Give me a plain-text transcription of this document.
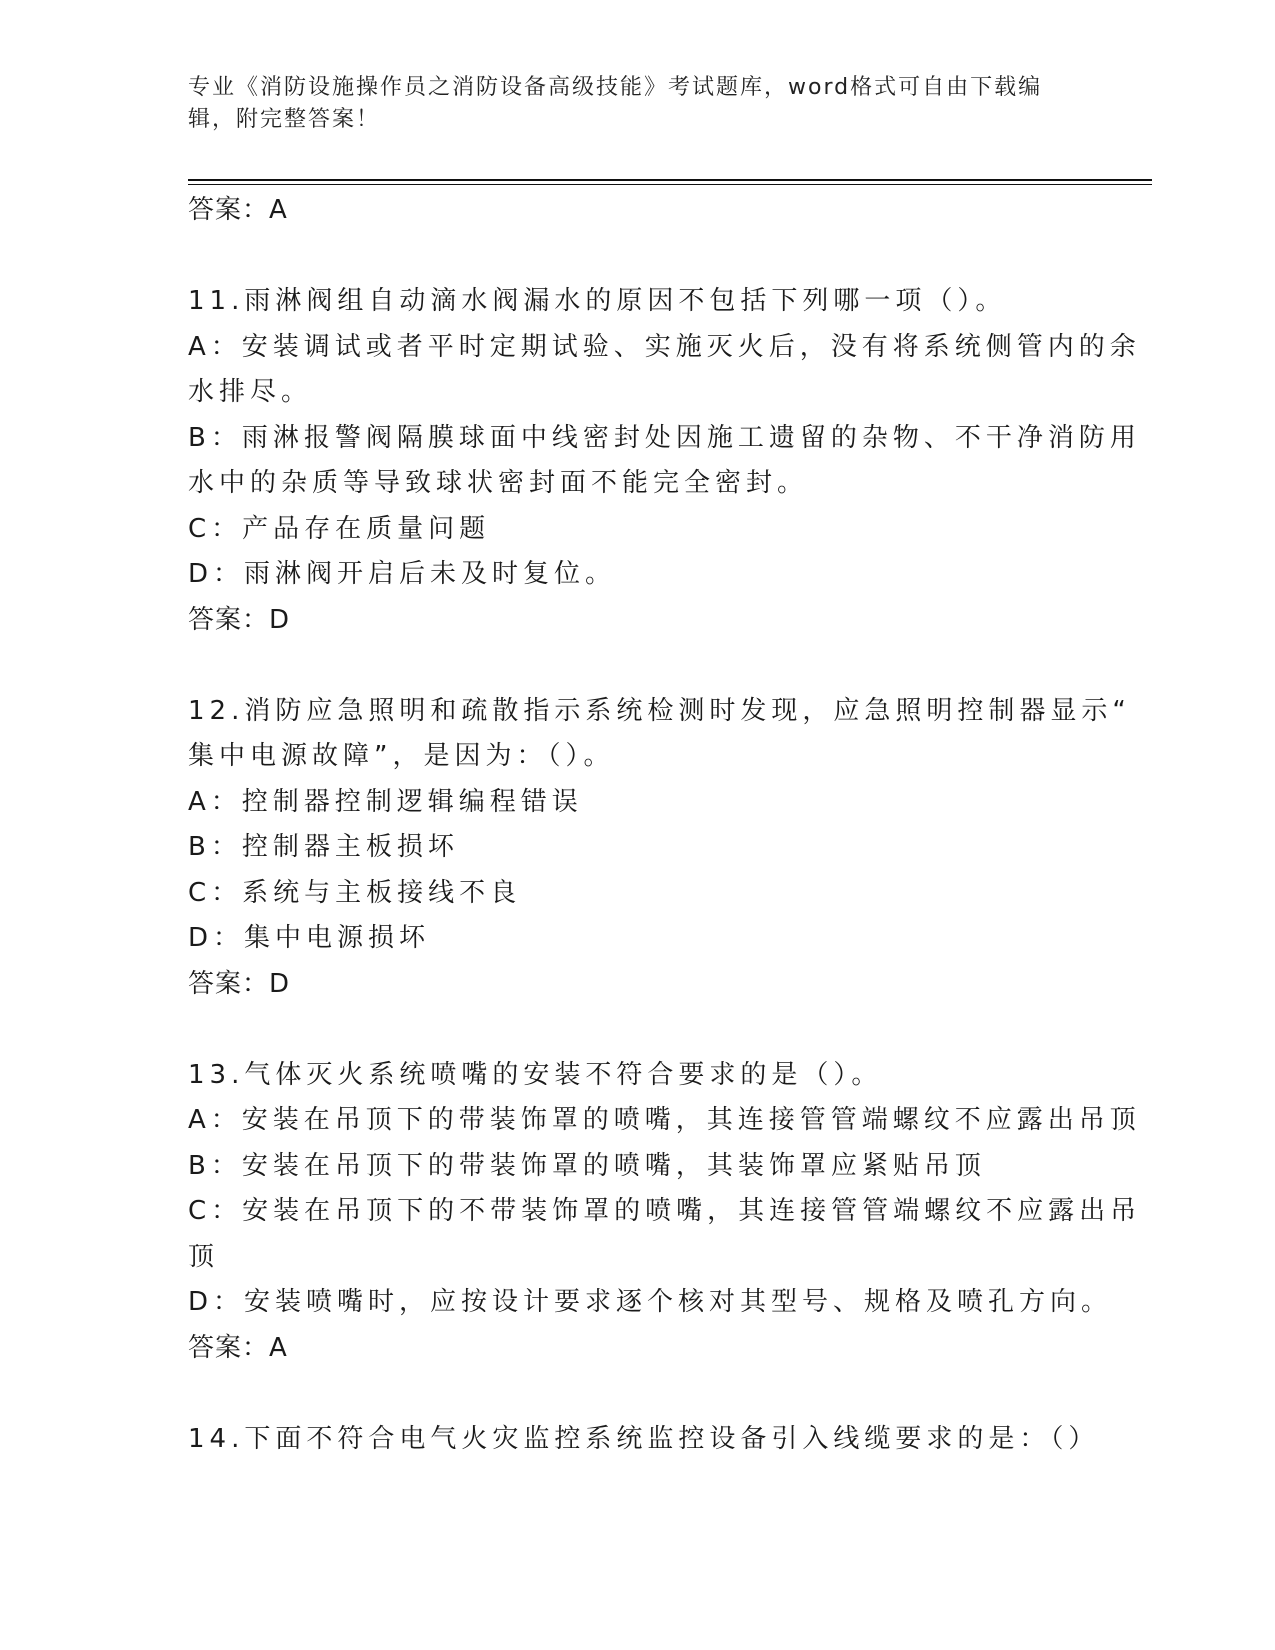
专业《消防设施操作员之消防设备高级技能》考试题库，word格式可自由下载编
辑，附完整答案！
答案：A
11.雨淋阀组自动滴水阀漏水的原因不包括下列哪一项（）。
A：安装调试或者平时定期试验、实施灭火后，没有将系统侧管内的余
水排尽。
B：雨淋报警阀隔膜球面中线密封处因施工遗留的杂物、不干净消防用
水中的杂质等导致球状密封面不能完全密封。
C：产品存在质量问题
D：雨淋阀开启后未及时复位。
答案：D
12.消防应急照明和疏散指示系统检测时发现，应急照明控制器显示“
集中电源故障”，是因为：（）。
A：控制器控制逻辑编程错误
B：控制器主板损坏
C：系统与主板接线不良
D：集中电源损坏
答案：D
13.气体灭火系统喷嘴的安装不符合要求的是（）。
A：安装在吊顶下的带装饰罩的喷嘴，其连接管管端螺纹不应露出吊顶
B：安装在吊顶下的带装饰罩的喷嘴，其装饰罩应紧贴吊顶
C：安装在吊顶下的不带装饰罩的喷嘴，其连接管管端螺纹不应露出吊
顶
D：安装喷嘴时，应按设计要求逐个核对其型号、规格及喷孔方向。
答案：A
14.下面不符合电气火灾监控系统监控设备引入线缆要求的是：（）
